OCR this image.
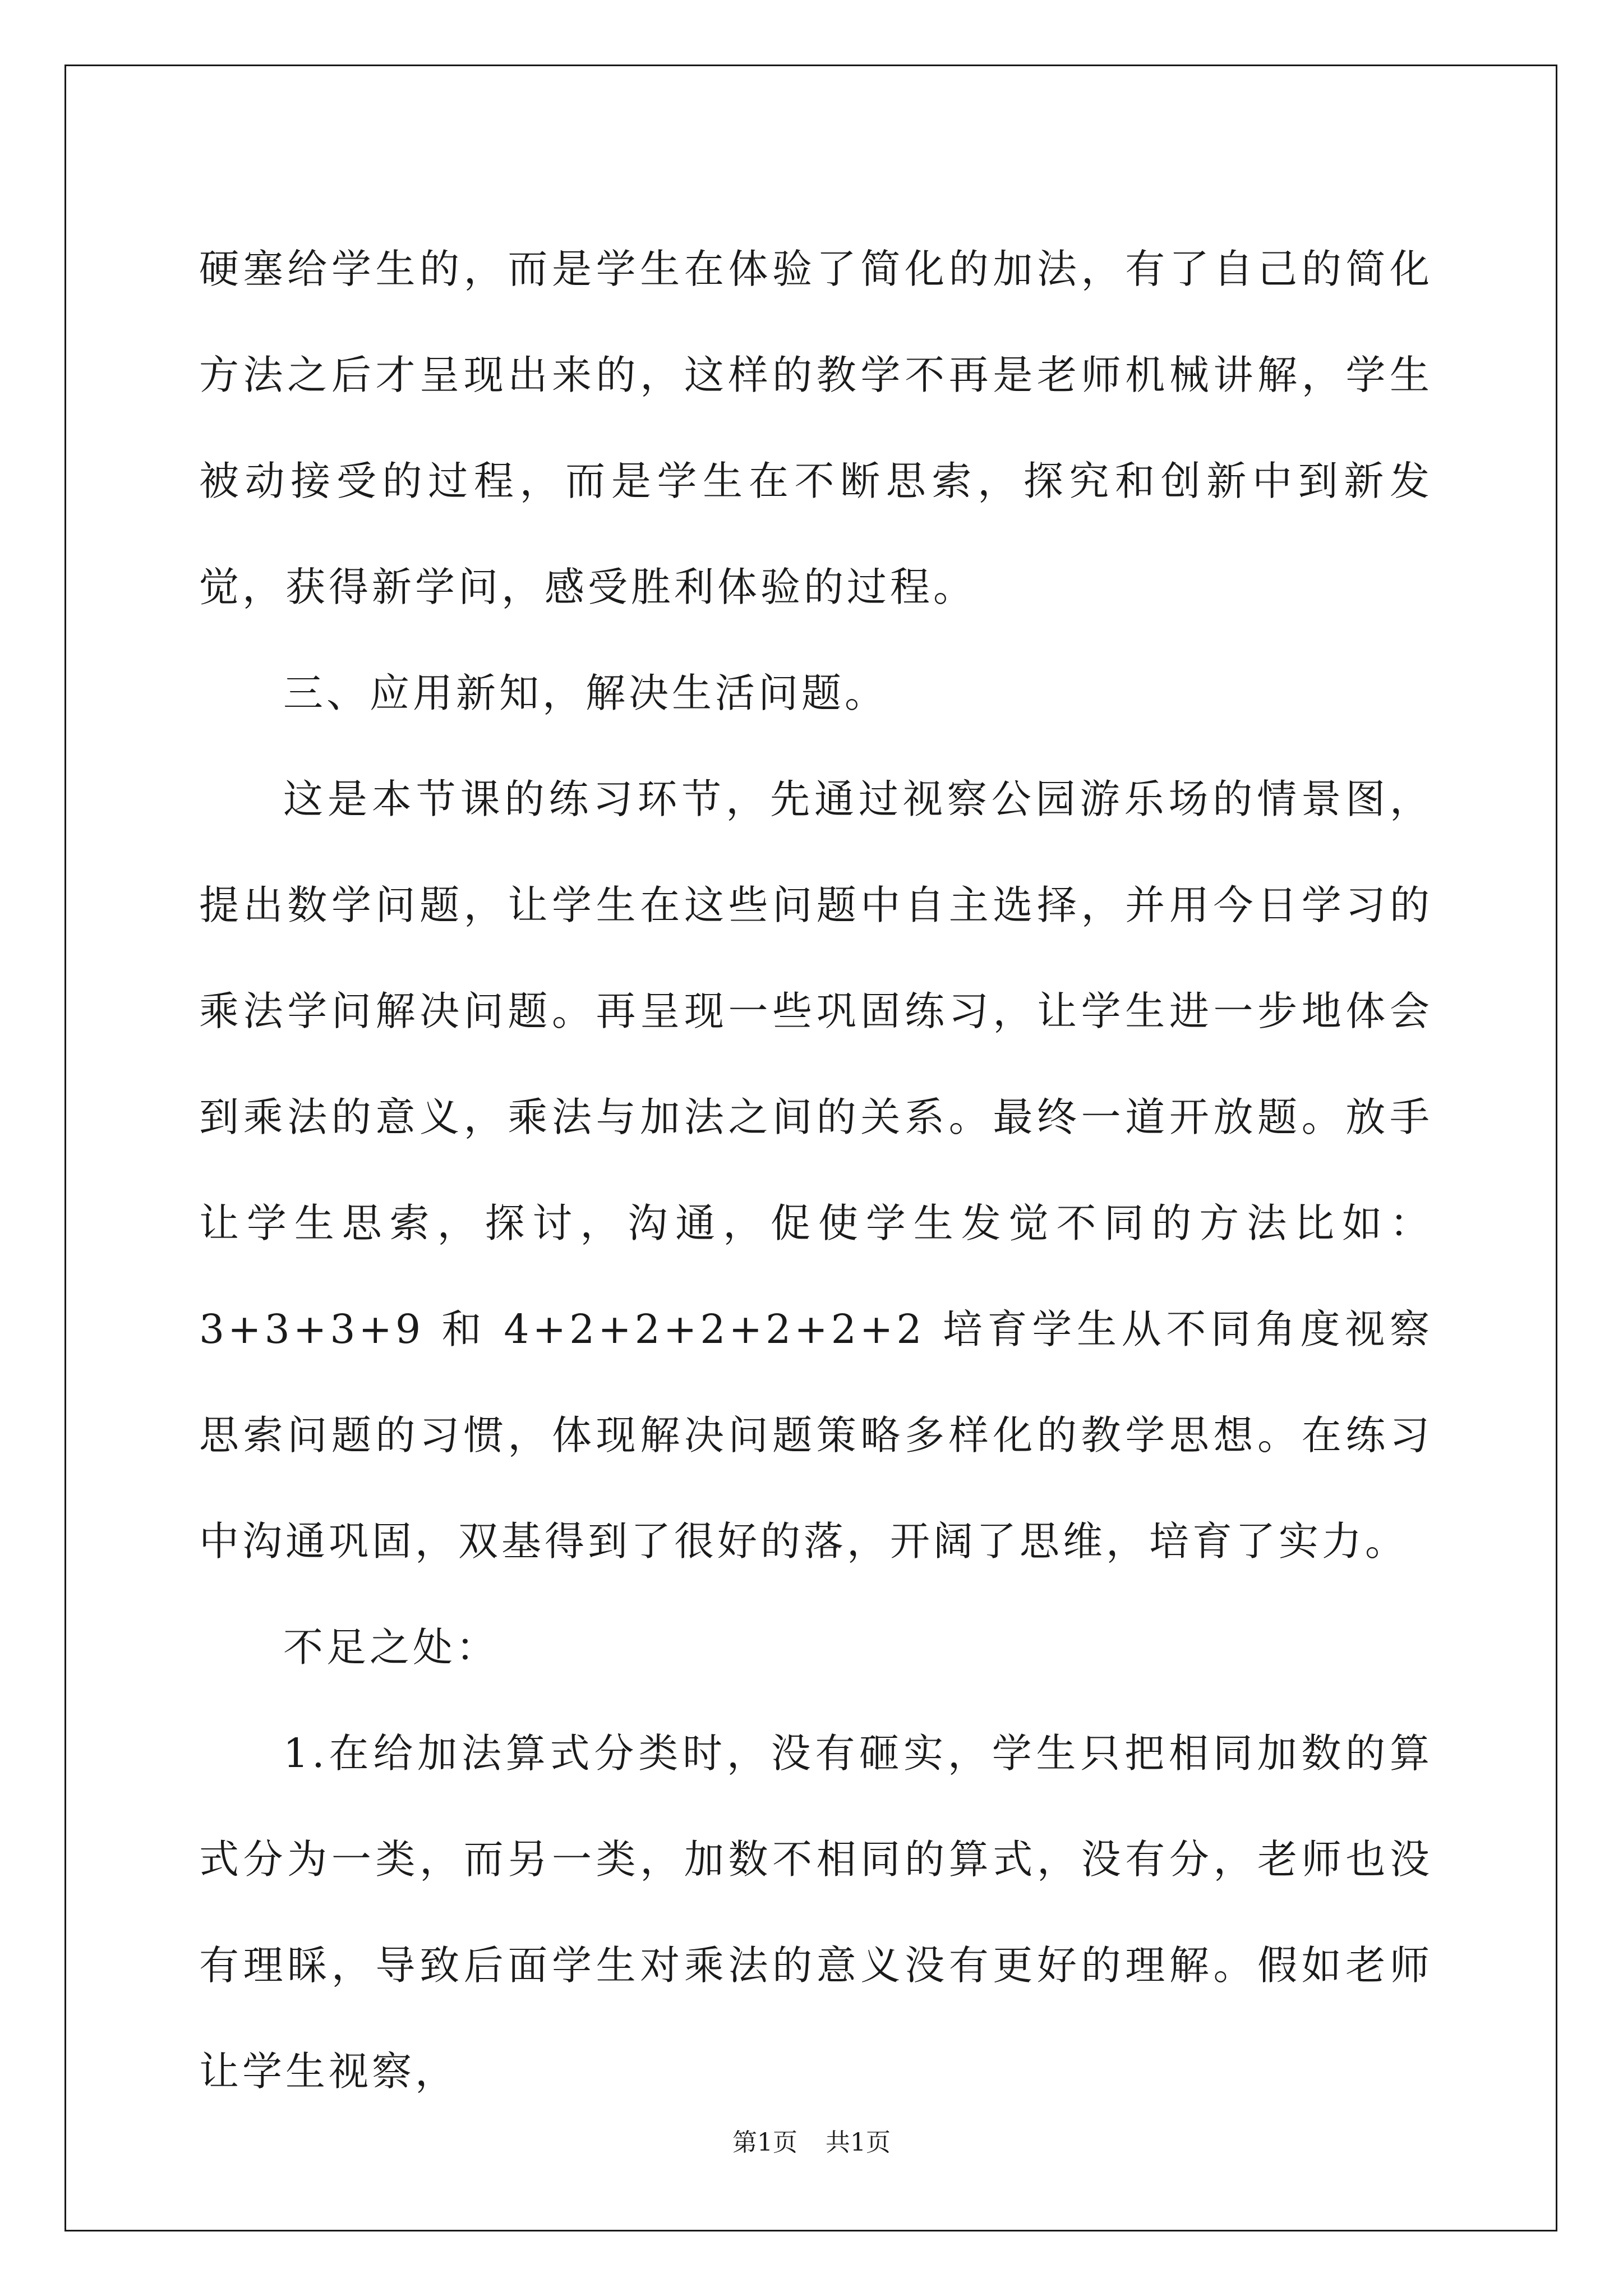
硬塞给学生的，而是学生在体验了简化的加法，有了自己的简化方法之后才呈现出来的，这样的教学不再是老师机械讲解，学生被动接受的过程，而是学生在不断思索，探究和创新中到新发觉，获得新学问，感受胜利体验的过程。

三、应用新知，解决生活问题。

这是本节课的练习环节，先通过视察公园游乐场的情景图，提出数学问题，让学生在这些问题中自主选择，并用今日学习的乘法学问解决问题。再呈现一些巩固练习，让学生进一步地体会到乘法的意义，乘法与加法之间的关系。最终一道开放题。放手让学生思索，探讨，沟通，促使学生发觉不同的方法比如：3+3+3+9 和 4+2+2+2+2+2+2 培育学生从不同角度视察思索问题的习惯，体现解决问题策略多样化的教学思想。在练习中沟通巩固，双基得到了很好的落，开阔了思维，培育了实力。

不足之处：

1.在给加法算式分类时，没有砸实，学生只把相同加数的算式分为一类，而另一类，加数不相同的算式，没有分，老师也没有理睬，导致后面学生对乘法的意义没有更好的理解。假如老师让学生视察，

第1页 共1页
